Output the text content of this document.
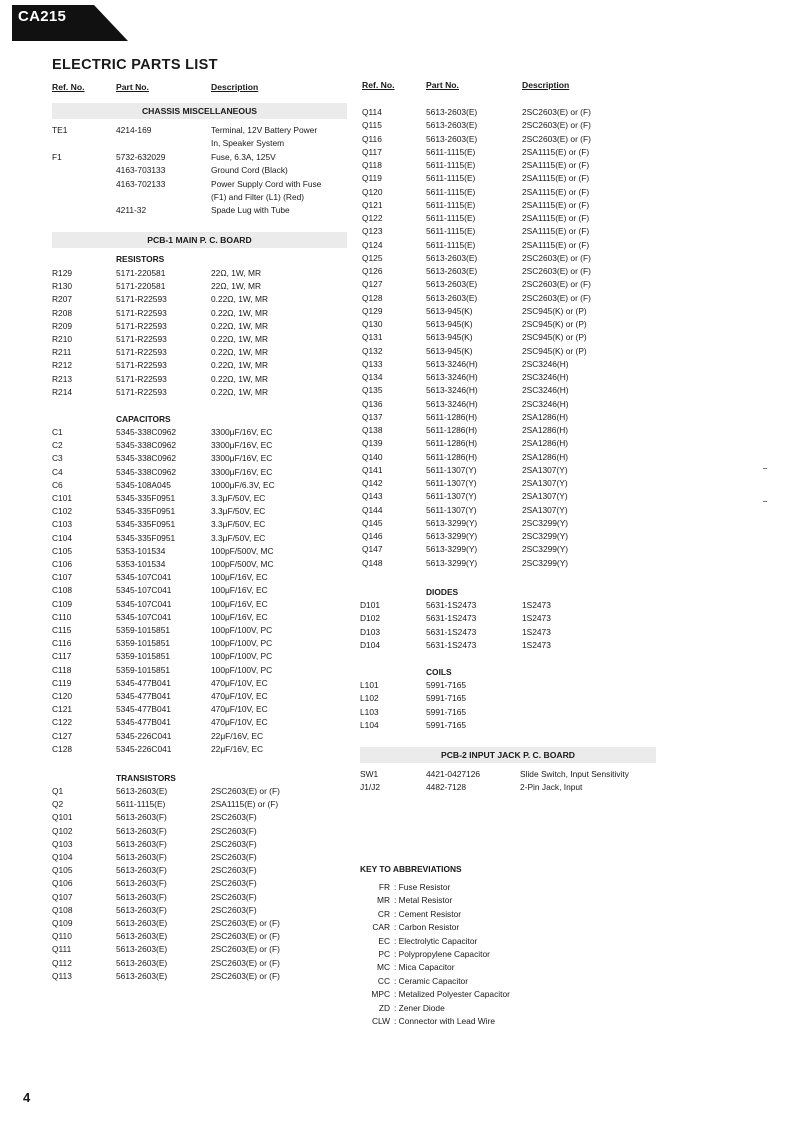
CA215
ELECTRIC PARTS LIST
Ref. No.	Part No.	Description	Ref. No.	Part No.	Description
CHASSIS MISCELLANEOUS
PCB-1 MAIN P. C. BOARD
PCB-2 INPUT JACK P. C. BOARD
RESISTORS
CAPACITORS
TRANSISTORS
DIODES
COILS
KEY TO ABBREVIATIONS
TE1	4214-169	Terminal, 12V Battery Power
In, Speaker System
F1	5732-632029	Fuse, 6.3A, 125V
4163-703133	Ground Cord (Black)
4163-702133	Power Supply Cord with Fuse
(F1) and Filter (L1) (Red)
4211-32	Spade Lug with Tube
R129	5171-220581	22Ω, 1W, MR
R130	5171-220581	22Ω, 1W, MR
R207	5171-R22593	0.22Ω, 1W, MR
R208	5171-R22593	0.22Ω, 1W, MR
R209	5171-R22593	0.22Ω, 1W, MR
R210	5171-R22593	0.22Ω, 1W, MR
R211	5171-R22593	0.22Ω, 1W, MR
R212	5171-R22593	0.22Ω, 1W, MR
R213	5171-R22593	0.22Ω, 1W, MR
R214	5171-R22593	0.22Ω, 1W, MR
C1	5345-338C0962	3300μF/16V, EC
C2	5345-338C0962	3300μF/16V, EC
C3	5345-338C0962	3300μF/16V, EC
C4	5345-338C0962	3300μF/16V, EC
C6	5345-108A045	1000μF/6.3V, EC
C101	5345-335F0951	3.3μF/50V, EC
C102	5345-335F0951	3.3μF/50V, EC
C103	5345-335F0951	3.3μF/50V, EC
C104	5345-335F0951	3.3μF/50V, EC
C105	5353-101534	100pF/500V, MC
C106	5353-101534	100pF/500V, MC
C107	5345-107C041	100μF/16V, EC
C108	5345-107C041	100μF/16V, EC
C109	5345-107C041	100μF/16V, EC
C110	5345-107C041	100μF/16V, EC
C115	5359-1015851	100pF/100V, PC
C116	5359-1015851	100pF/100V, PC
C117	5359-1015851	100pF/100V, PC
C118	5359-1015851	100pF/100V, PC
C119	5345-477B041	470μF/10V, EC
C120	5345-477B041	470μF/10V, EC
C121	5345-477B041	470μF/10V, EC
C122	5345-477B041	470μF/10V, EC
C127	5345-226C041	22μF/16V, EC
C128	5345-226C041	22μF/16V, EC
Q1	5613-2603(E)	2SC2603(E) or (F)
Q2	5611-1115(E)	2SA1115(E) or (F)
Q101	5613-2603(F)	2SC2603(F)
Q102	5613-2603(F)	2SC2603(F)
Q103	5613-2603(F)	2SC2603(F)
Q104	5613-2603(F)	2SC2603(F)
Q105	5613-2603(F)	2SC2603(F)
Q106	5613-2603(F)	2SC2603(F)
Q107	5613-2603(F)	2SC2603(F)
Q108	5613-2603(F)	2SC2603(F)
Q109	5613-2603(E)	2SC2603(E) or (F)
Q110	5613-2603(E)	2SC2603(E) or (F)
Q111	5613-2603(E)	2SC2603(E) or (F)
Q112	5613-2603(E)	2SC2603(E) or (F)
Q113	5613-2603(E)	2SC2603(E) or (F)
Q114	5613-2603(E)	2SC2603(E) or (F)
Q115	5613-2603(E)	2SC2603(E) or (F)
Q116	5613-2603(E)	2SC2603(E) or (F)
Q117	5611-1115(E)	2SA1115(E) or (F)
Q118	5611-1115(E)	2SA1115(E) or (F)
Q119	5611-1115(E)	2SA1115(E) or (F)
Q120	5611-1115(E)	2SA1115(E) or (F)
Q121	5611-1115(E)	2SA1115(E) or (F)
Q122	5611-1115(E)	2SA1115(E) or (F)
Q123	5611-1115(E)	2SA1115(E) or (F)
Q124	5611-1115(E)	2SA1115(E) or (F)
Q125	5613-2603(E)	2SC2603(E) or (F)
Q126	5613-2603(E)	2SC2603(E) or (F)
Q127	5613-2603(E)	2SC2603(E) or (F)
Q128	5613-2603(E)	2SC2603(E) or (F)
Q129	5613-945(K)	2SC945(K) or (P)
Q130	5613-945(K)	2SC945(K) or (P)
Q131	5613-945(K)	2SC945(K) or (P)
Q132	5613-945(K)	2SC945(K) or (P)
Q133	5613-3246(H)	2SC3246(H)
Q134	5613-3246(H)	2SC3246(H)
Q135	5613-3246(H)	2SC3246(H)
Q136	5613-3246(H)	2SC3246(H)
Q137	5611-1286(H)	2SA1286(H)
Q138	5611-1286(H)	2SA1286(H)
Q139	5611-1286(H)	2SA1286(H)
Q140	5611-1286(H)	2SA1286(H)
Q141	5611-1307(Y)	2SA1307(Y)
Q142	5611-1307(Y)	2SA1307(Y)
Q143	5611-1307(Y)	2SA1307(Y)
Q144	5611-1307(Y)	2SA1307(Y)
Q145	5613-3299(Y)	2SC3299(Y)
Q146	5613-3299(Y)	2SC3299(Y)
Q147	5613-3299(Y)	2SC3299(Y)
Q148	5613-3299(Y)	2SC3299(Y)
D101	5631-1S2473	1S2473
D102	5631-1S2473	1S2473
D103	5631-1S2473	1S2473
D104	5631-1S2473	1S2473
L101	5991-7165
L102	5991-7165
L103	5991-7165
L104	5991-7165
SW1	4421-0427126	Slide Switch, Input Sensitivity
J1/J2	4482-7128	2-Pin Jack, Input
FR : Fuse Resistor
MR : Metal Resistor
CR : Cement Resistor
CAR : Carbon Resistor
EC : Electrolytic Capacitor
PC : Polypropylene Capacitor
MC : Mica Capacitor
CC : Ceramic Capacitor
MPC : Metalized Polyester Capacitor
ZD : Zener Diode
CLW : Connector with Lead Wire
4
